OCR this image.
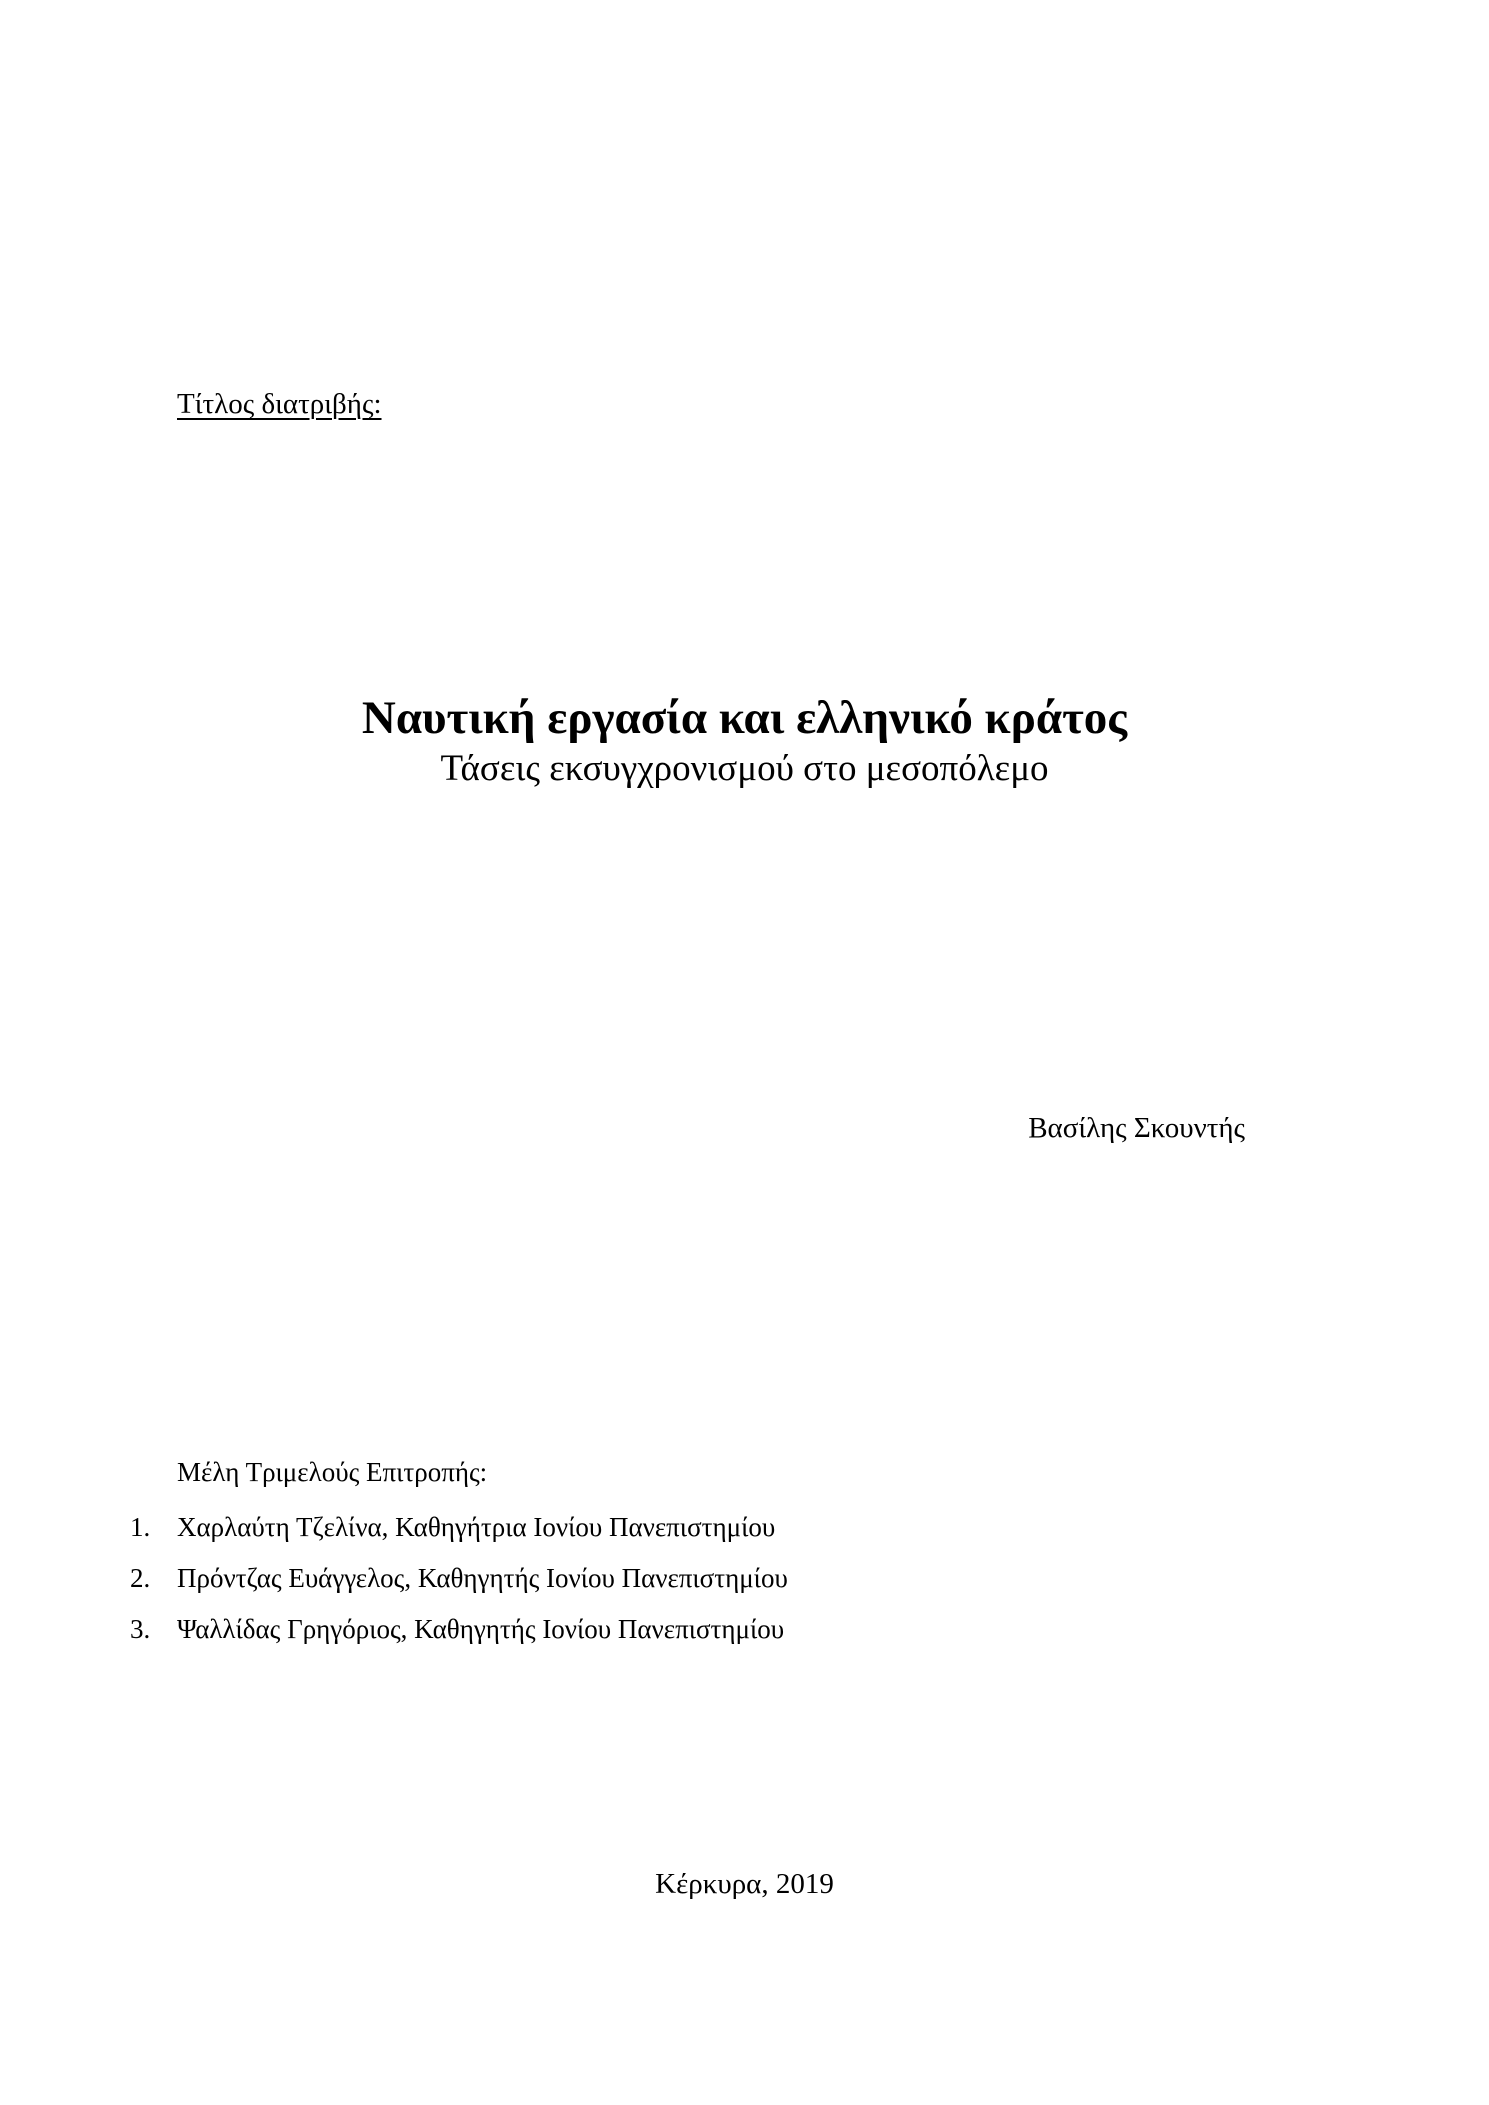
Τίτλος διατριβής:
Ναυτική εργασία και ελληνικό κράτος
Τάσεις εκσυγχρονισμού στο μεσοπόλεμο
Βασίλης Σκουντής
Μέλη Τριμελούς Επιτροπής:
1. Χαρλαύτη Τζελίνα, Καθηγήτρια Ιονίου Πανεπιστημίου
2. Πρόντζας Ευάγγελος, Καθηγητής Ιονίου Πανεπιστημίου
3. Ψαλλίδας Γρηγόριος, Καθηγητής Ιονίου Πανεπιστημίου
Κέρκυρα, 2019
